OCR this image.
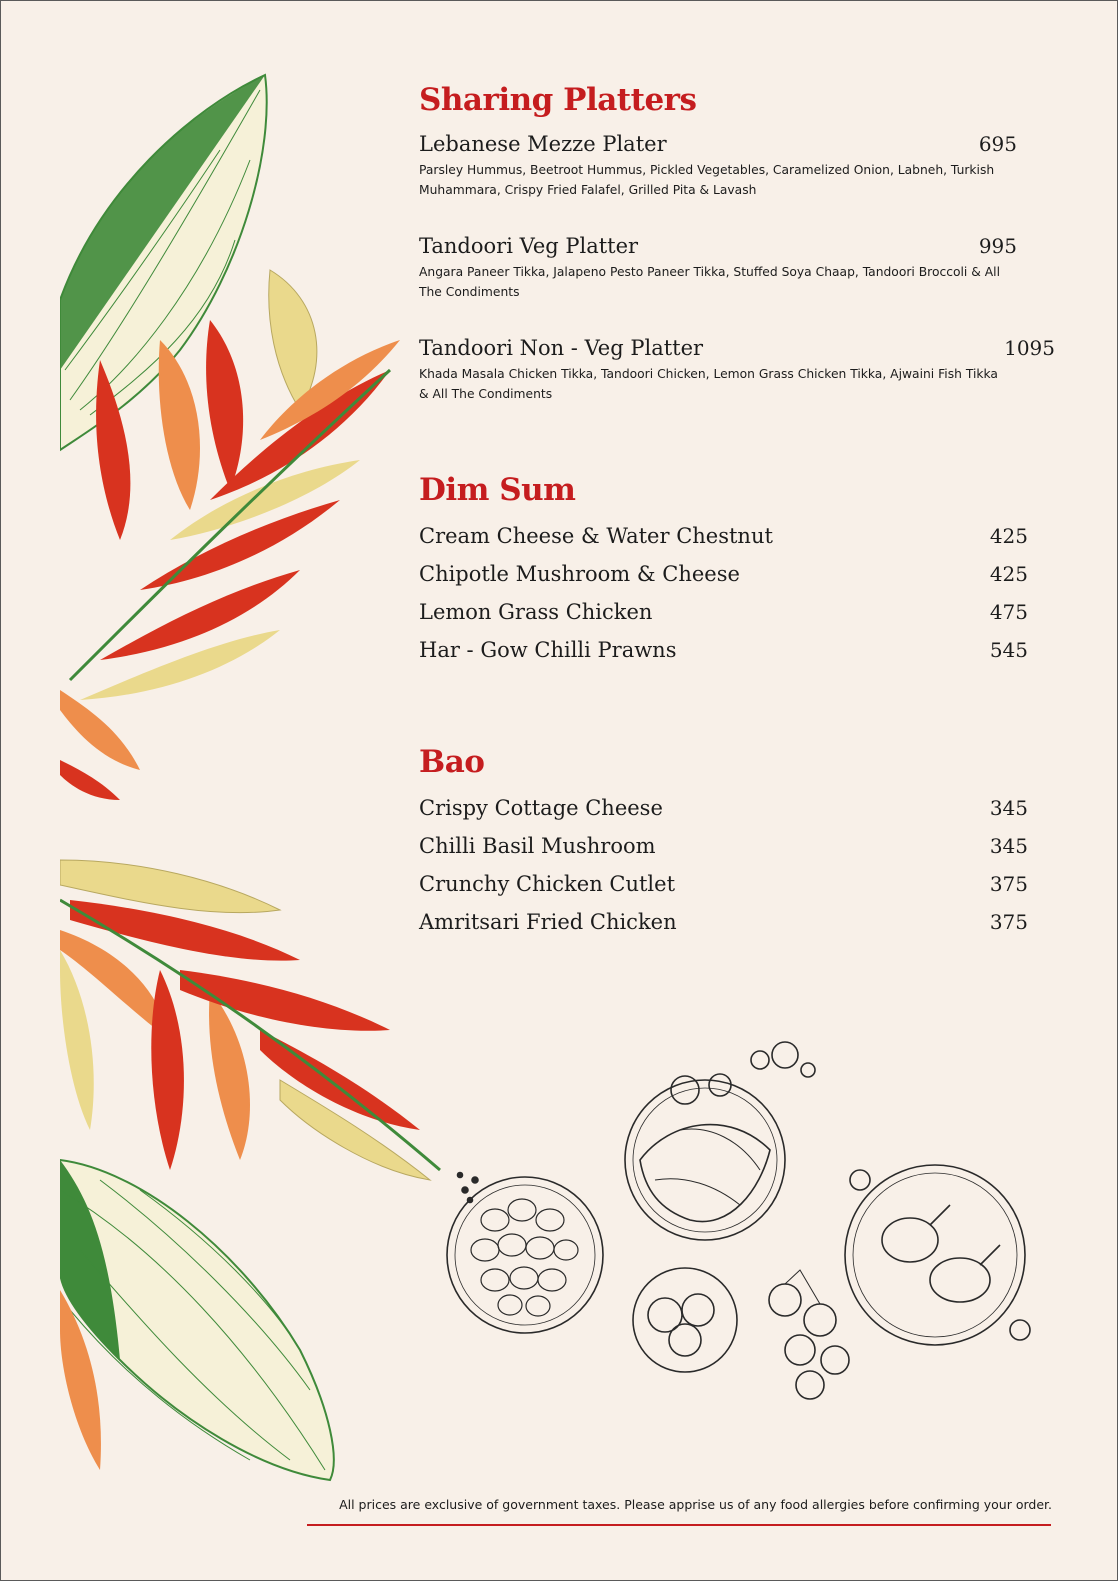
Sharing Platters
Lebanese Mezze Plater	695
Parsley Hummus, Beetroot Hummus, Pickled Vegetables, Caramelized Onion, Labneh, Turkish Muhammara, Crispy Fried Falafel, Grilled Pita & Lavash
Tandoori Veg Platter	995
Angara Paneer Tikka, Jalapeno Pesto Paneer Tikka, Stuffed Soya Chaap, Tandoori Broccoli & All The Condiments
Tandoori Non - Veg Platter	1095
Khada Masala Chicken Tikka, Tandoori Chicken, Lemon Grass Chicken Tikka, Ajwaini Fish Tikka & All The Condiments
Dim Sum
Cream Cheese & Water Chestnut	425
Chipotle Mushroom & Cheese	425
Lemon Grass Chicken	475
Har - Gow Chilli Prawns	545
Bao
Crispy Cottage Cheese	345
Chilli Basil Mushroom	345
Crunchy Chicken Cutlet	375
Amritsari Fried Chicken	375
All prices are exclusive of government taxes. Please apprise us of any food allergies before confirming your order.
